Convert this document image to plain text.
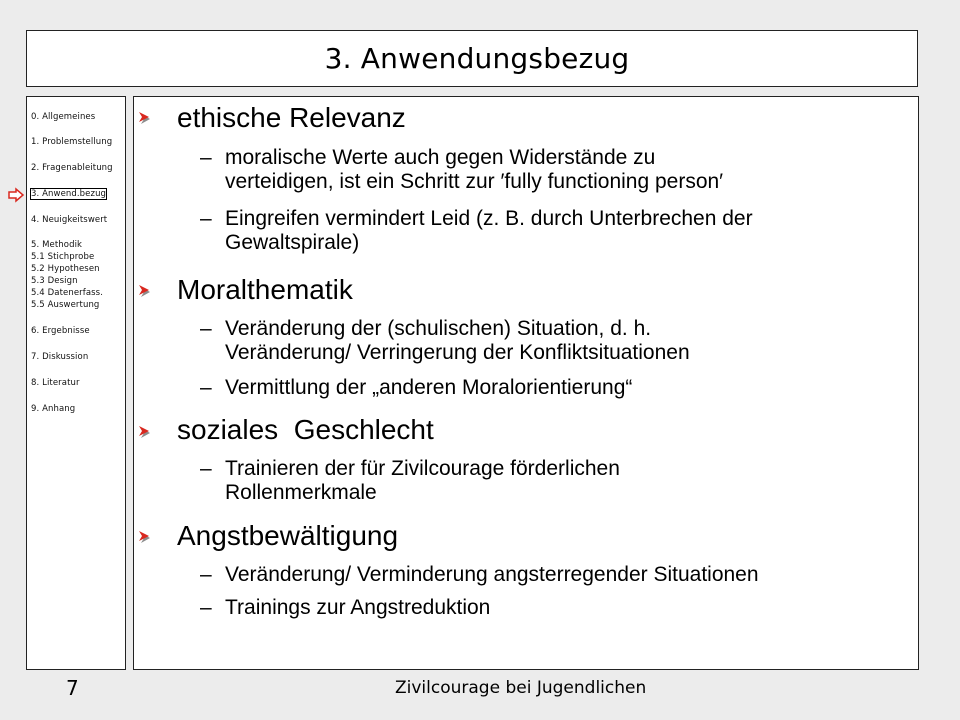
3. Anwendungsbezug
0. Allgemeines
1. Problemstellung
2. Fragenableitung
3. Anwend.bezug
4. Neuigkeitswert
5. Methodik
5.1 Stichprobe
5.2 Hypothesen
5.3 Design
5.4 Datenerfass.
5.5 Auswertung
6. Ergebnisse
7. Diskussion
8. Literatur
9. Anhang
ethische Relevanz
– moralische Werte auch gegen Widerstände zu
verteidigen, ist ein Schritt zur ′fully functioning person′
– Eingreifen vermindert Leid (z. B. durch Unterbrechen der
Gewaltspirale)
Moralthematik
– Veränderung der (schulischen) Situation, d. h.
Veränderung/ Verringerung der Konfliktsituationen
– Vermittlung der „anderen Moralorientierung“
soziales  Geschlecht
– Trainieren der für Zivilcourage förderlichen
Rollenmerkmale
Angstbewältigung
– Veränderung/ Verminderung angsterregender Situationen
– Trainings zur Angstreduktion
7	Zivilcourage bei Jugendlichen
